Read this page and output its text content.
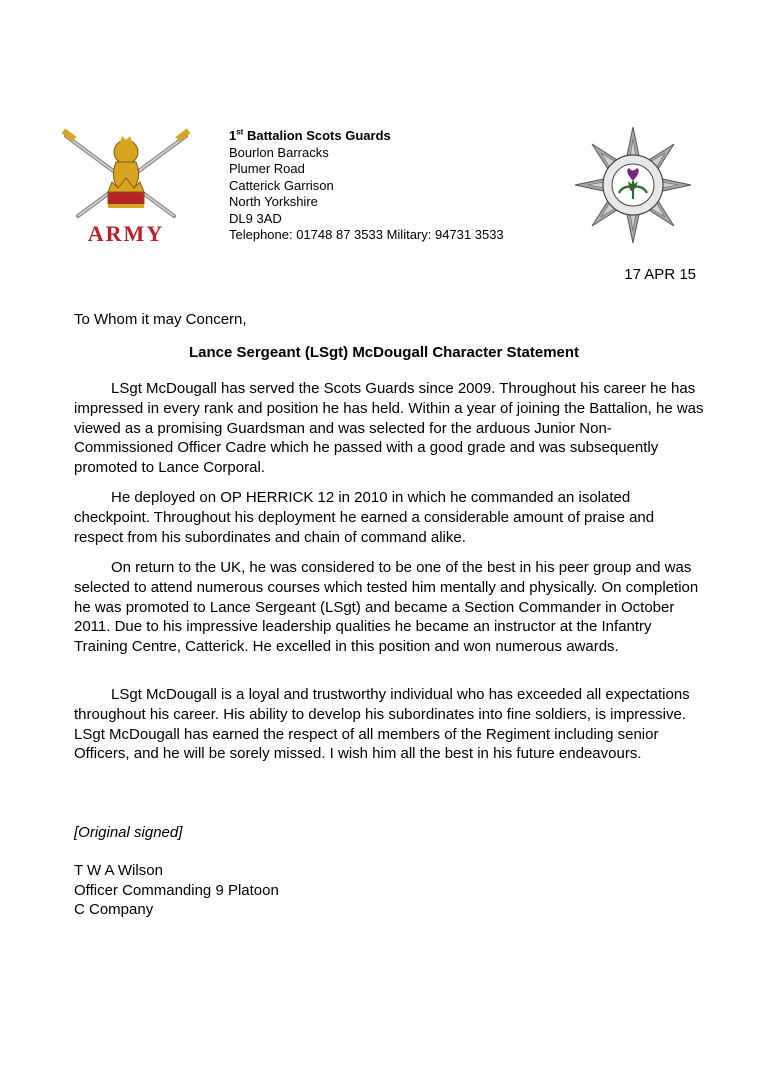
ARMY
1st Battalion Scots Guards
Bourlon Barracks
Plumer Road
Catterick Garrison
North Yorkshire
DL9 3AD
Telephone: 01748 87 3533 Military: 94731 3533
17 APR 15
To Whom it may Concern,
Lance Sergeant (LSgt) McDougall Character Statement

LSgt McDougall has served the Scots Guards since 2009. Throughout his career he has impressed in every rank and position he has held. Within a year of joining the Battalion, he was viewed as a promising Guardsman and was selected for the arduous Junior Non-Commissioned Officer Cadre which he passed with a good grade and was subsequently promoted to Lance Corporal.

He deployed on OP HERRICK 12 in 2010 in which he commanded an isolated checkpoint. Throughout his deployment he earned a considerable amount of praise and respect from his subordinates and chain of command alike.

On return to the UK, he was considered to be one of the best in his peer group and was selected to attend numerous courses which tested him mentally and physically. On completion he was promoted to Lance Sergeant (LSgt) and became a Section Commander in October 2011. Due to his impressive leadership qualities he became an instructor at the Infantry Training Centre, Catterick. He excelled in this position and won numerous awards.

LSgt McDougall is a loyal and trustworthy individual who has exceeded all expectations throughout his career. His ability to develop his subordinates into fine soldiers, is impressive. LSgt McDougall has earned the respect of all members of the Regiment including senior Officers, and he will be sorely missed. I wish him all the best in his future endeavours.

[Original signed]
T W A Wilson
Officer Commanding 9 Platoon
C Company
